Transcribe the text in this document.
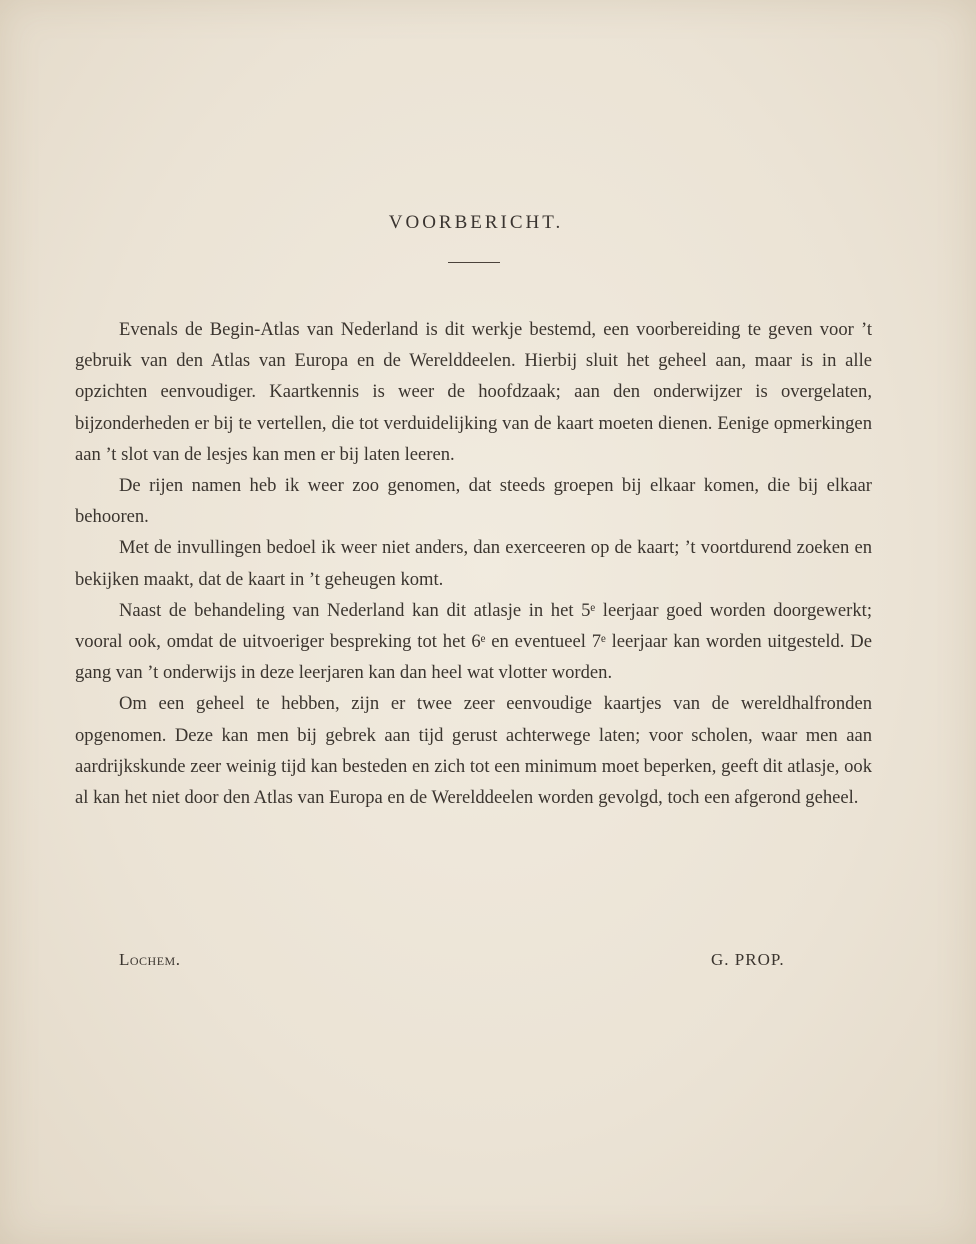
VOORBERICHT.

Evenals de Begin-Atlas van Nederland is dit werkje bestemd, een voorbereiding te geven voor ’t gebruik van den Atlas van Europa en de Werelddeelen. Hierbij sluit het geheel aan, maar is in alle opzichten eenvoudiger. Kaartkennis is weer de hoofdzaak; aan den onderwijzer is overgelaten, bijzonderheden er bij te vertellen, die tot verduidelijking van de kaart moeten dienen. Eenige opmerkingen aan ’t slot van de lesjes kan men er bij laten leeren.

De rijen namen heb ik weer zoo genomen, dat steeds groepen bij elkaar komen, die bij elkaar behooren.

Met de invullingen bedoel ik weer niet anders, dan exerceeren op de kaart; ’t voortdurend zoeken en bekijken maakt, dat de kaart in ’t geheugen komt.

Naast de behandeling van Nederland kan dit atlasje in het 5ᵉ leerjaar goed worden doorgewerkt; vooral ook, omdat de uitvoeriger bespreking tot het 6ᵉ en eventueel 7ᵉ leerjaar kan worden uitgesteld. De gang van ’t onderwijs in deze leerjaren kan dan heel wat vlotter worden.

Om een geheel te hebben, zijn er twee zeer eenvoudige kaartjes van de wereldhalfronden opgenomen. Deze kan men bij gebrek aan tijd gerust achterwege laten; voor scholen, waar men aan aardrijkskunde zeer weinig tijd kan besteden en zich tot een minimum moet beperken, geeft dit atlasje, ook al kan het niet door den Atlas van Europa en de Werelddeelen worden gevolgd, toch een afgerond geheel.

Lochem.	G. PROP.
